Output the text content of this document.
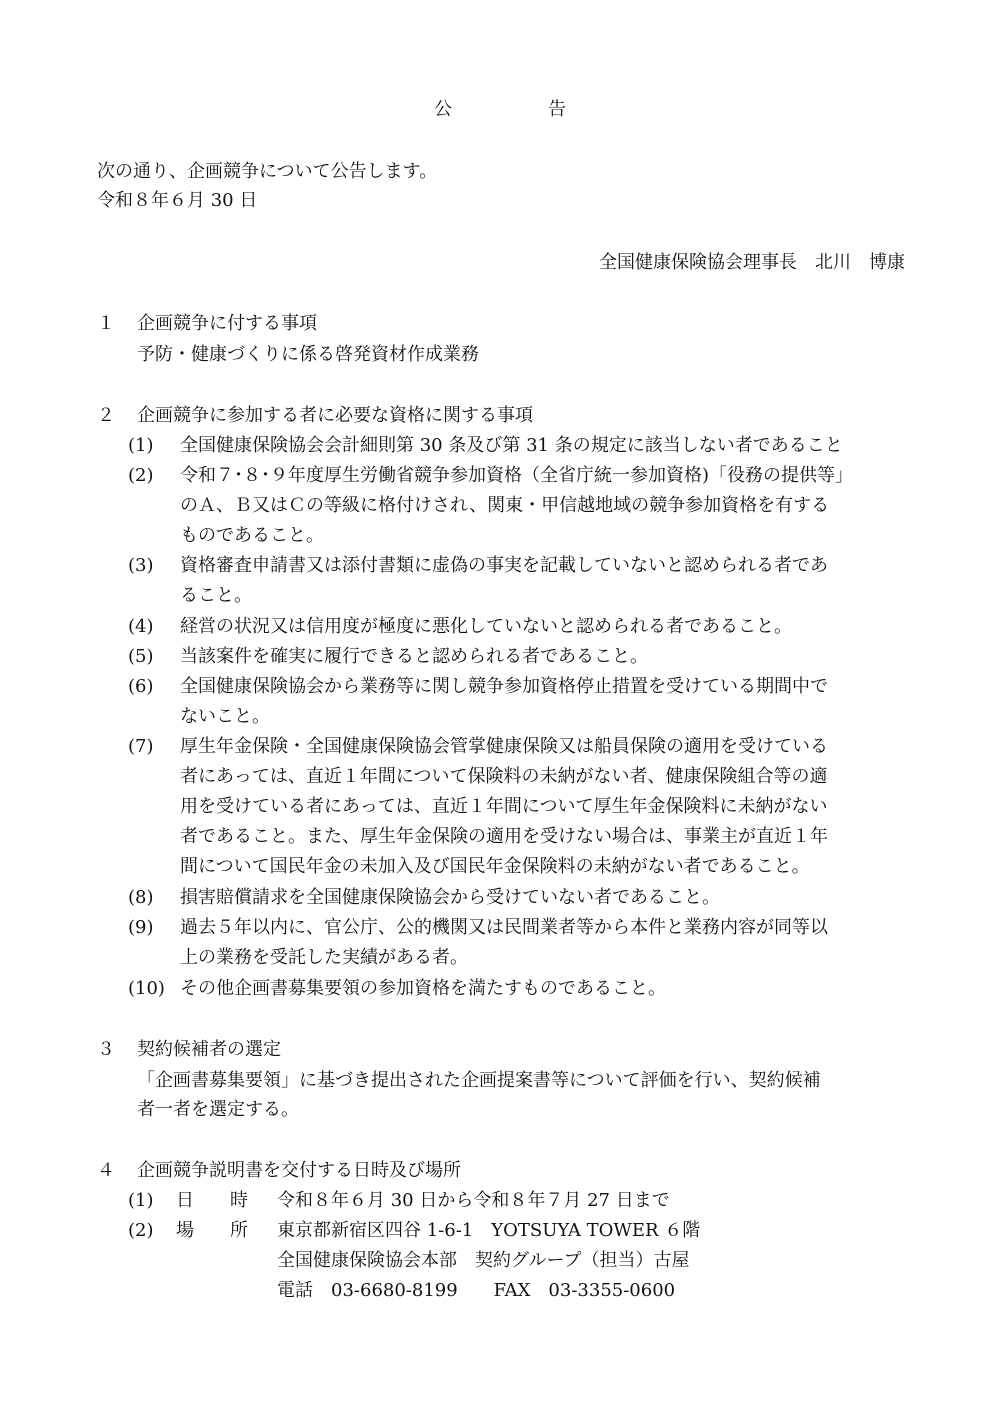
公	告
次の通り、企画競争について公告します。
令和８年６月 30 日
全国健康保険協会理事長　北川　博康
１ 企画競争に付する事項
予防・健康づくりに係る啓発資材作成業務
２ 企画競争に参加する者に必要な資格に関する事項
(1) 全国健康保険協会会計細則第 30 条及び第 31 条の規定に該当しない者であること
(2) 令和７･８･９年度厚生労働省競争参加資格（全省庁統一参加資格)「役務の提供等」
のＡ、Ｂ又はＣの等級に格付けされ、関東・甲信越地域の競争参加資格を有する
ものであること。
(3) 資格審査申請書又は添付書類に虚偽の事実を記載していないと認められる者であ
ること。
(4) 経営の状況又は信用度が極度に悪化していないと認められる者であること。
(5) 当該案件を確実に履行できると認められる者であること。
(6) 全国健康保険協会から業務等に関し競争参加資格停止措置を受けている期間中で
ないこと。
(7) 厚生年金保険・全国健康保険協会管掌健康保険又は船員保険の適用を受けている
者にあっては、直近１年間について保険料の未納がない者、健康保険組合等の適
用を受けている者にあっては、直近１年間について厚生年金保険料に未納がない
者であること。また、厚生年金保険の適用を受けない場合は、事業主が直近１年
間について国民年金の未加入及び国民年金保険料の未納がない者であること。
(8) 損害賠償請求を全国健康保険協会から受けていない者であること。
(9) 過去５年以内に、官公庁、公的機関又は民間業者等から本件と業務内容が同等以
上の業務を受託した実績がある者。
(10) その他企画書募集要領の参加資格を満たすものであること。
３ 契約候補者の選定
「企画書募集要領」に基づき提出された企画提案書等について評価を行い、契約候補
者一者を選定する。
４ 企画競争説明書を交付する日時及び場所
(1) 日　　時 令和８年６月 30 日から令和８年７月 27 日まで
(2) 場　　所 東京都新宿区四谷 1-6-1　YOTSUYA TOWER ６階
全国健康保険協会本部　契約グループ（担当）古屋
電話　03-6680-8199　　FAX　03-3355-0600
